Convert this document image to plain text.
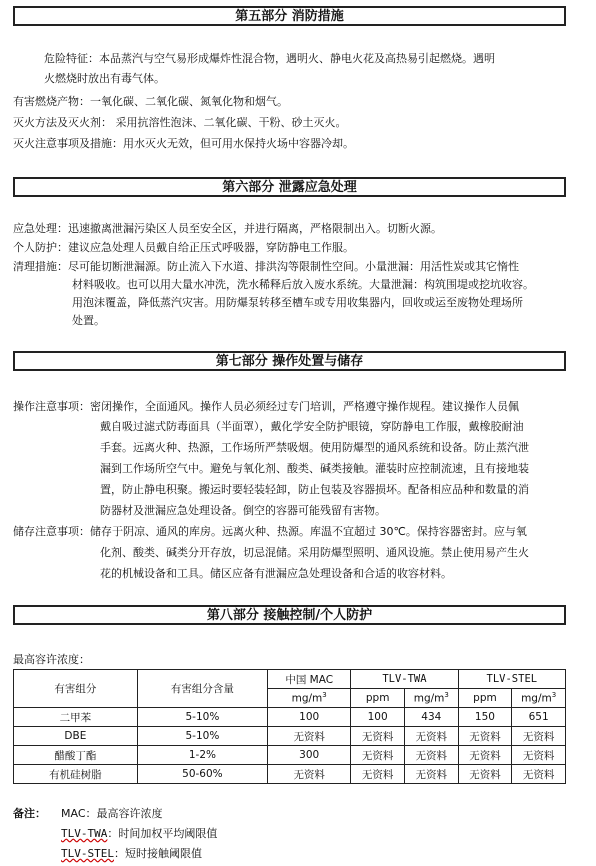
第五部分 消防措施
危险特征：本品蒸汽与空气易形成爆炸性混合物，遇明火、静电火花及高热易引起燃烧。遇明
火燃烧时放出有毒气体。
有害燃烧产物：一氧化碳、二氧化碳、氮氧化物和烟气。
灭火方法及灭火剂： 采用抗溶性泡沫、二氧化碳、干粉、砂土灭火。
灭火注意事项及措施：用水灭火无效，但可用水保持火场中容器冷却。
第六部分 泄露应急处理
应急处理：迅速撤离泄漏污染区人员至安全区，并进行隔离，严格限制出入。切断火源。
个人防护：建议应急处理人员戴自给正压式呼吸器，穿防静电工作服。
清理措施：尽可能切断泄漏源。防止流入下水道、排洪沟等限制性空间。小量泄漏：用活性炭或其它惰性
材料吸收。也可以用大量水冲洗，洗水稀释后放入废水系统。大量泄漏：构筑围堤或挖坑收容。
用泡沫覆盖，降低蒸汽灾害。用防爆泵转移至槽车或专用收集器内，回收或运至废物处理场所
处置。
第七部分 操作处置与储存
操作注意事项：密闭操作，全面通风。操作人员必须经过专门培训，严格遵守操作规程。建议操作人员佩
戴自吸过滤式防毒面具（半面罩），戴化学安全防护眼镜，穿防静电工作服，戴橡胶耐油
手套。远离火种、热源，工作场所严禁吸烟。使用防爆型的通风系统和设备。防止蒸汽泄
漏到工作场所空气中。避免与氧化剂、酸类、碱类接触。灌装时应控制流速，且有接地装
置，防止静电积聚。搬运时要轻装轻卸，防止包装及容器损坏。配备相应品种和数量的消
防器材及泄漏应急处理设备。倒空的容器可能残留有害物。
储存注意事项：储存于阴凉、通风的库房。远离火种、热源。库温不宜超过 30℃。保持容器密封。应与氧
化剂、酸类、碱类分开存放，切忌混储。采用防爆型照明、通风设施。禁止使用易产生火
花的机械设备和工具。储区应备有泄漏应急处理设备和合适的收容材料。
第八部分 接触控制/个人防护
最高容许浓度：
有害组分	有害组分含量	中国 MAC	TLV-TWA		TLV-STEL	
		$mg/m^3$	ppm	$mg/m^3$	ppm	$mg/m^3$
二甲苯	5-10%	100	100	434	150	651
DBE	5-10%	无资料	无资料	无资料	无资料	无资料
醋酸丁酯	1-2%	300	无资料	无资料	无资料	无资料
有机硅树脂	50-60%	无资料	无资料	无资料	无资料	无资料
备注： MAC：最高容许浓度
TLV-TWA：时间加权平均阈限值
TLV-STEL：短时接触阈限值
